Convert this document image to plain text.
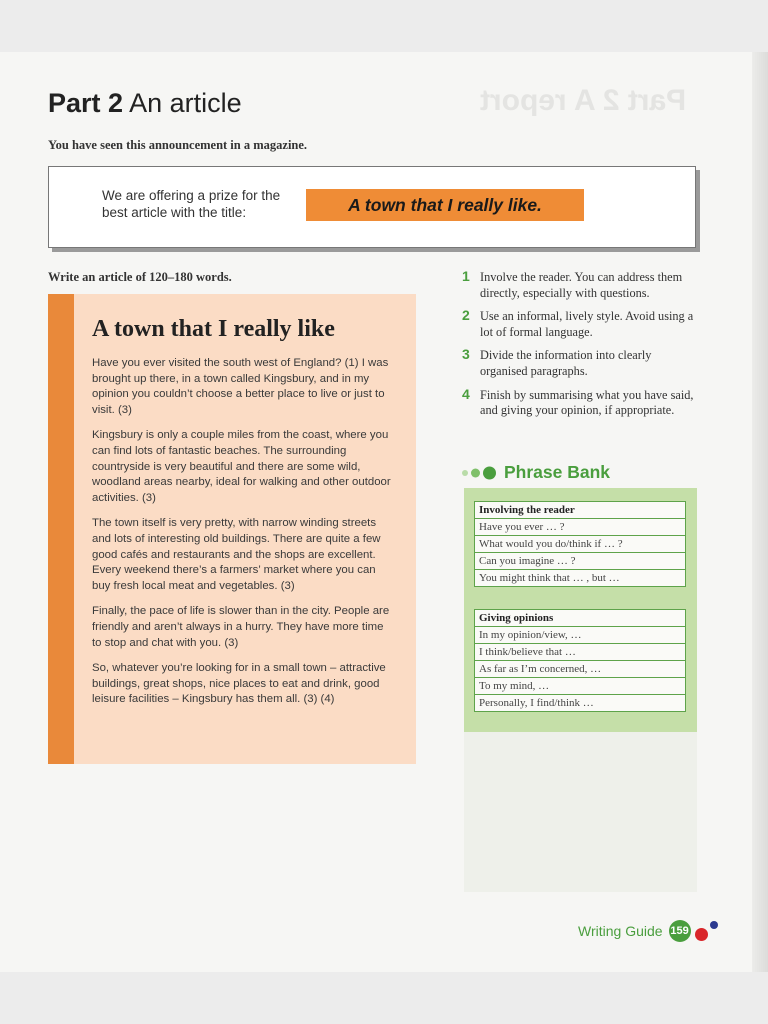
Part 2 A report
Part 2 An article
You have seen this announcement in a magazine.
We are offering a prize for the best article with the title:	A town that I really like.
Write an article of 120–180 words.
A town that I really like

Have you ever visited the south west of England? (1) I was brought up there, in a town called Kingsbury, and in my opinion you couldn’t choose a better place to live or just to visit. (3)

Kingsbury is only a couple miles from the coast, where you can find lots of fantastic beaches. The surrounding countryside is very beautiful and there are some wild, woodland areas nearby, ideal for walking and other outdoor activities. (3)

The town itself is very pretty, with narrow winding streets and lots of interesting old buildings. There are quite a few good cafés and restaurants and the shops are excellent. Every weekend there’s a farmers’ market where you can buy fresh local meat and vegetables. (3)

Finally, the pace of life is slower than in the city. People are friendly and aren’t always in a hurry. They have more time to stop and chat with you. (3)

So, whatever you’re looking for in a small town – attractive buildings, great shops, nice places to eat and drink, good leisure facilities – Kingsbury has them all. (3) (4)

1 Involve the reader. You can address them directly, especially with questions.
2 Use an informal, lively style. Avoid using a lot of formal language.
3 Divide the information into clearly organised paragraphs.
4 Finish by summarising what you have said, and giving your opinion, if appropriate.
Phrase Bank
Involving the reader
Have you ever … ?
What would you do/think if … ?
Can you imagine … ?
You might think that … , but …
Giving opinions
In my opinion/view, …
I think/believe that …
As far as I’m concerned, …
To my mind, …
Personally, I find/think …
Writing Guide 159
